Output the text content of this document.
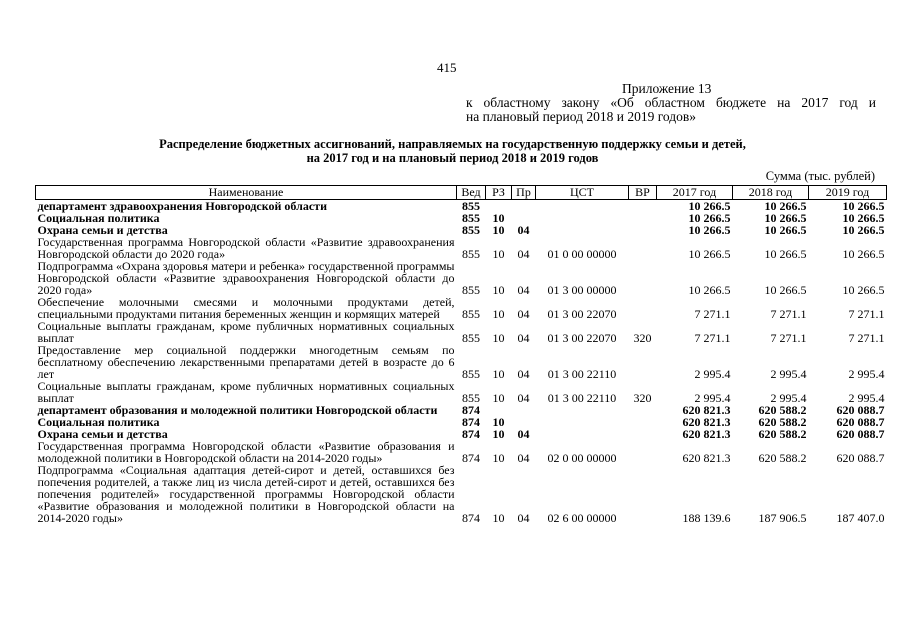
415
Приложение 13
к областному закону «Об областном бюджете на 2017 год и
на плановый период 2018 и 2019 годов»
Распределение бюджетных ассигнований, направляемых на государственную поддержку семьи и детей,
на 2017 год и на плановый период 2018 и 2019 годов
Сумма (тыс. рублей)
Наименование	Вед	РЗ	Пр	ЦСТ	ВР	2017 год	2018 год	2019 год
департамент здравоохранения Новгородской области	855					10 266.5	10 266.5	10 266.5
Социальная политика	855	10				10 266.5	10 266.5	10 266.5
Охрана семьи и детства	855	10	04			10 266.5	10 266.5	10 266.5
Государственная программа Новгородской области «Развитие здравоохранения Новгородской области до 2020 года»	855	10	04	01 0 00 00000		10 266.5	10 266.5	10 266.5
Подпрограмма «Охрана здоровья матери и ребенка» государственной программы Новгородской области «Развитие здравоохранения Новгородской области до 2020 года»	855	10	04	01 3 00 00000		10 266.5	10 266.5	10 266.5
Обеспечение молочными смесями и молочными продуктами детей, специальными продуктами питания беременных женщин и кормящих матерей	855	10	04	01 3 00 22070		7 271.1	7 271.1	7 271.1
Социальные выплаты гражданам, кроме публичных нормативных социальных выплат	855	10	04	01 3 00 22070	320	7 271.1	7 271.1	7 271.1
Предоставление мер социальной поддержки многодетным семьям по бесплатному обеспечению лекарственными препаратами детей в возрасте до 6 лет	855	10	04	01 3 00 22110		2 995.4	2 995.4	2 995.4
Социальные выплаты гражданам, кроме публичных нормативных социальных выплат	855	10	04	01 3 00 22110	320	2 995.4	2 995.4	2 995.4
департамент образования и молодежной политики Новгородской области	874					620 821.3	620 588.2	620 088.7
Социальная политика	874	10				620 821.3	620 588.2	620 088.7
Охрана семьи и детства	874	10	04			620 821.3	620 588.2	620 088.7
Государственная программа Новгородской области «Развитие образования и молодежной политики в Новгородской области на 2014-2020 годы»	874	10	04	02 0 00 00000		620 821.3	620 588.2	620 088.7
Подпрограмма «Социальная адаптация детей-сирот и детей, оставшихся без попечения родителей, а также лиц из числа детей-сирот и детей, оставшихся без попечения родителей» государственной программы Новгородской области «Развитие образования и молодежной политики в Новгородской области на 2014-2020 годы»	874	10	04	02 6 00 00000		188 139.6	187 906.5	187 407.0
